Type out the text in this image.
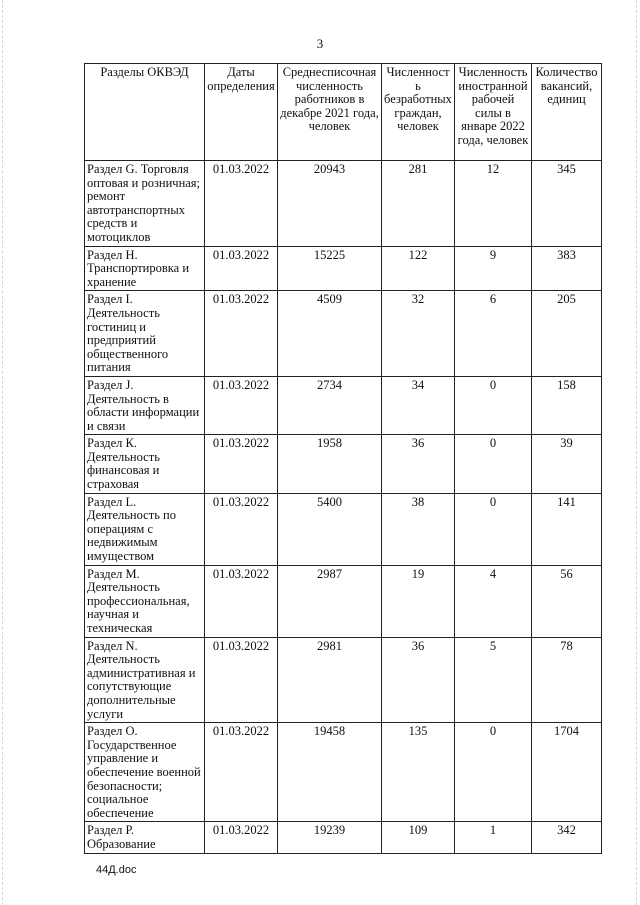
3
Разделы ОКВЭД	Даты определения	Среднесписочная численность работников в декабре 2021 года, человек	Численность безработных граждан, человек	Численность иностранной рабочей силы в январе 2022 года, человек	Количество вакансий, единиц
Раздел G. Торговля оптовая и розничная; ремонт автотранспортных средств и мотоциклов	01.03.2022	20943	281	12	345
Раздел Н. Транспортировка и хранение	01.03.2022	15225	122	9	383
Раздел I. Деятельность гостиниц и предприятий общественного питания	01.03.2022	4509	32	6	205
Раздел J. Деятельность в области информации и связи	01.03.2022	2734	34	0	158
Раздел К. Деятельность финансовая и страховая	01.03.2022	1958	36	0	39
Раздел L. Деятельность по операциям с недвижимым имуществом	01.03.2022	5400	38	0	141
Раздел М. Деятельность профессиональная, научная и техническая	01.03.2022	2987	19	4	56
Раздел N. Деятельность административная и сопутствующие дополнительные услуги	01.03.2022	2981	36	5	78
Раздел О. Государственное управление и обеспечение военной безопасности; социальное обеспечение	01.03.2022	19458	135	0	1704
Раздел Р. Образование	01.03.2022	19239	109	1	342
44Д.doc
